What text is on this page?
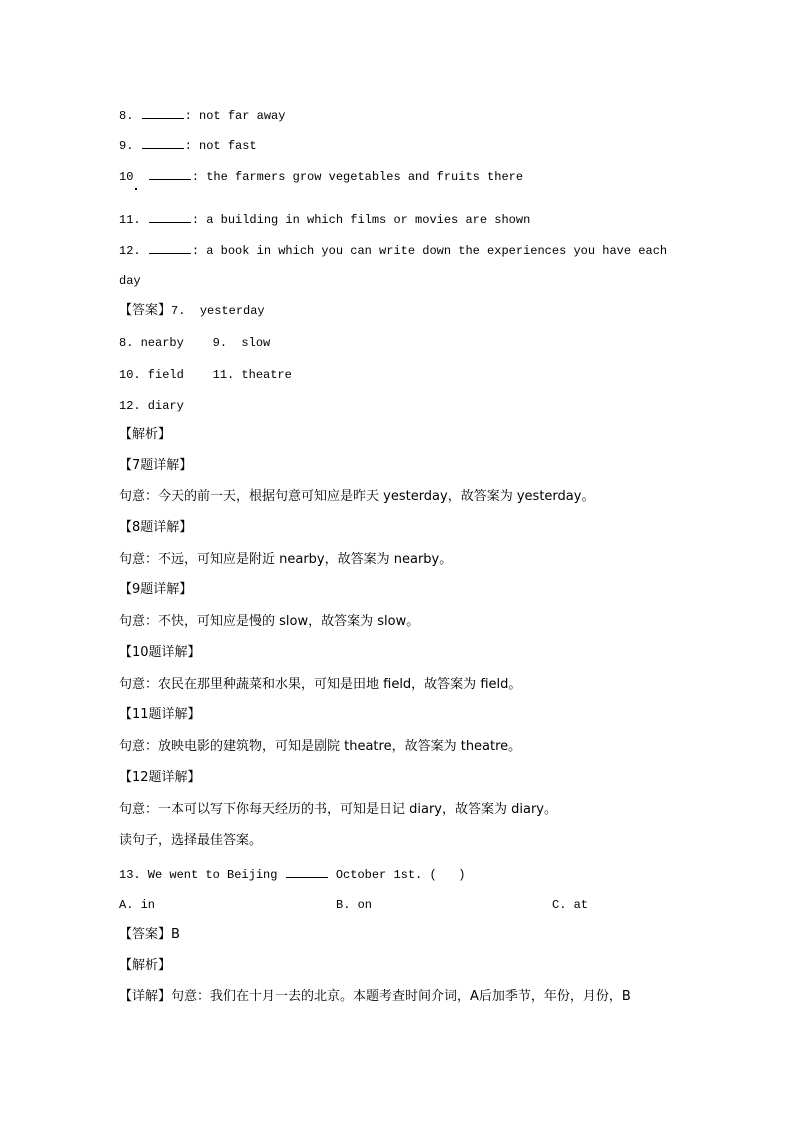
8.	: not far away
9.	: not fast
10	: the farmers grow vegetables and fruits there
11.	: a building in which films or movies are shown
12.	: a book in which you can write down the experiences you have each
day
【答案】7.  yesterday
8. nearby 9.  slow
10. field 11. theatre
12. diary
【解析】
【7题详解】
句意：今天的前一天，根据句意可知应是昨天 yesterday，故答案为 yesterday。
【8题详解】
句意：不远，可知应是附近 nearby，故答案为 nearby。
【9题详解】
句意：不快，可知应是慢的 slow，故答案为 slow。
【10题详解】
句意：农民在那里种蔬菜和水果，可知是田地 field，故答案为 field。
【11题详解】
句意：放映电影的建筑物，可知是剧院 theatre，故答案为 theatre。
【12题详解】
句意：一本可以写下你每天经历的书，可知是日记 diary，故答案为 diary。
读句子，选择最佳答案。
13. We went to Beijing	October 1st. (   )
A. in	B. on	C. at
【答案】B
【解析】
【详解】句意：我们在十月一去的北京。本题考查时间介词，A后加季节，年份，月份，B
